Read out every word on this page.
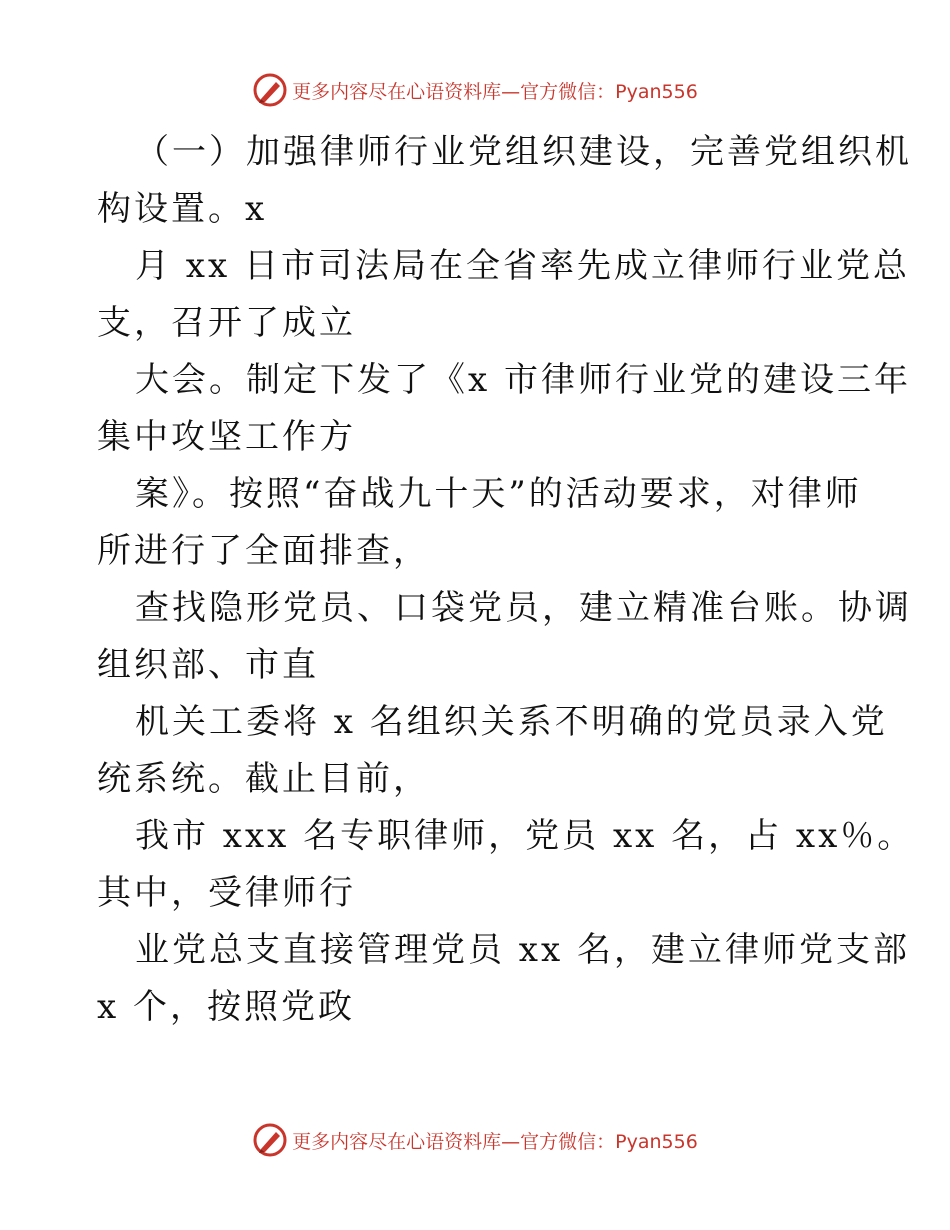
更多内容尽在心语资料库— 官方微信：Pyan556
（一）加强律师行业党组织建设，完善党组织机
构设置。x
月 xx 日市司法局在全省率先成立律师行业党总
支，召开了成立
大会。制定下发了《x 市律师行业党的建设三年
集中攻坚工作方
案》。按照“奋战九十天”的活动要求，对律师
所进行了全面排查，
查找隐形党员、口袋党员，建立精准台账。协调
组织部、市直
机关工委将 x 名组织关系不明确的党员录入党
统系统。截止目前，
我市 xxx 名专职律师，党员 xx 名，占 xx％。
其中，受律师行
业党总支直接管理党员 xx 名，建立律师党支部
x 个，按照党政
更多内容尽在心语资料库— 官方微信：Pyan556
